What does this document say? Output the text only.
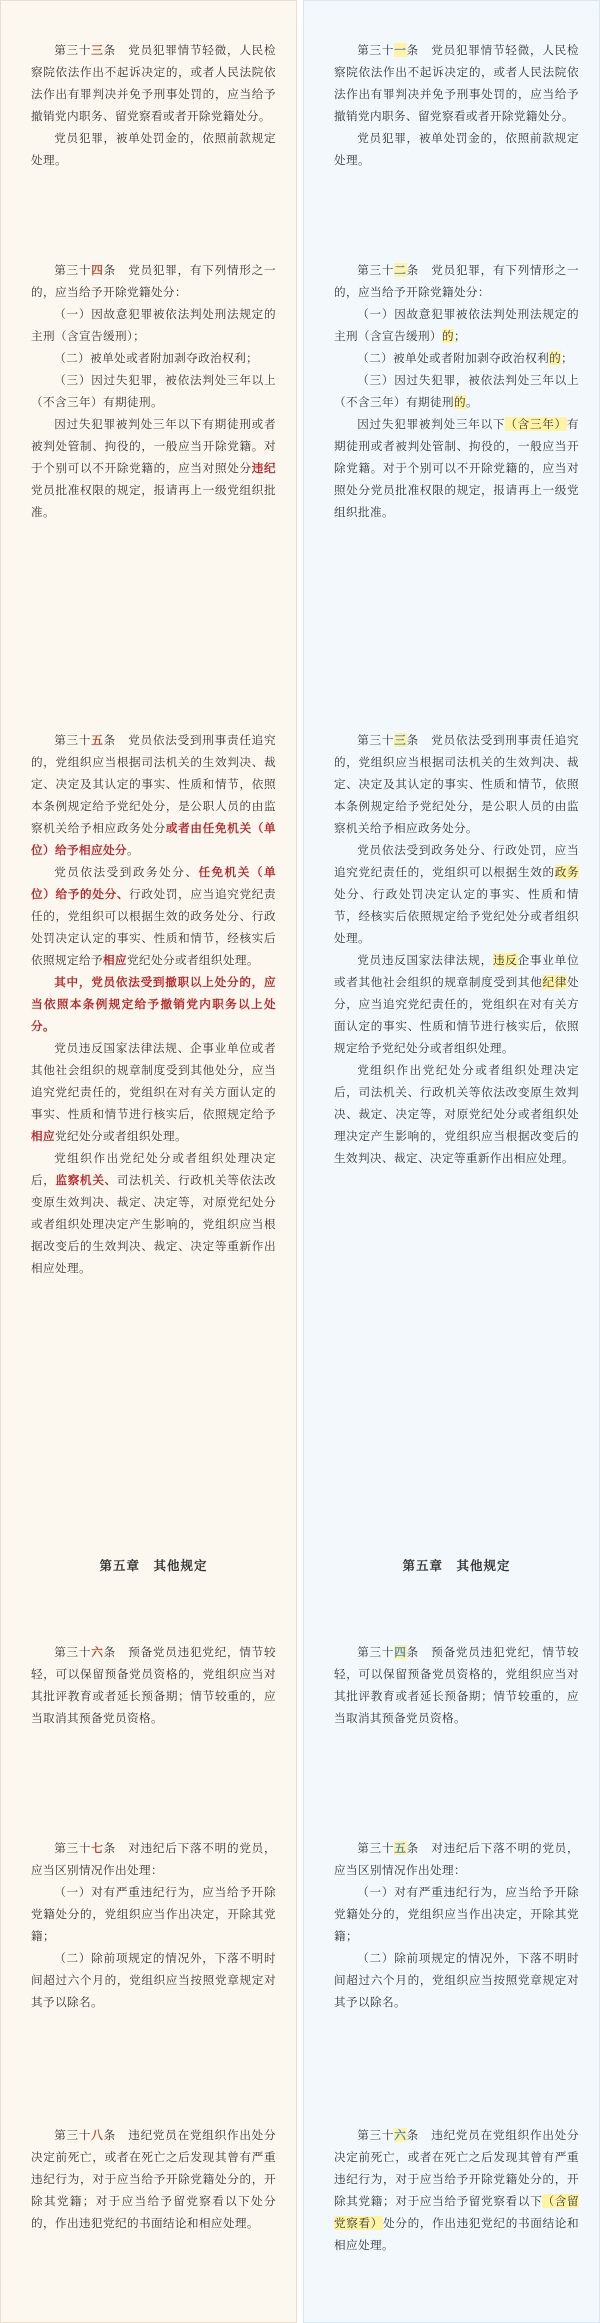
第三十三条　党员犯罪情节轻微，人民检察院依法作出不起诉决定的，或者人民法院依法作出有罪判决并免予刑事处罚的，应当给予撤销党内职务、留党察看或者开除党籍处分。

党员犯罪，被单处罚金的，依照前款规定处理。

第三十四条　党员犯罪，有下列情形之一的，应当给予开除党籍处分：

（一）因故意犯罪被依法判处刑法规定的主刑（含宣告缓刑）；

（二）被单处或者附加剥夺政治权利；

（三）因过失犯罪，被依法判处三年以上（不含三年）有期徒刑。

因过失犯罪被判处三年以下有期徒刑或者被判处管制、拘役的，一般应当开除党籍。对于个别可以不开除党籍的，应当对照处分违纪党员批准权限的规定，报请再上一级党组织批准。

第三十五条　党员依法受到刑事责任追究的，党组织应当根据司法机关的生效判决、裁定、决定及其认定的事实、性质和情节，依照本条例规定给予党纪处分，是公职人员的由监察机关给予相应政务处分或者由任免机关（单位）给予相应处分。

党员依法受到政务处分、任免机关（单位）给予的处分、行政处罚，应当追究党纪责任的，党组织可以根据生效的政务处分、行政处罚决定认定的事实、性质和情节，经核实后依照规定给予相应党纪处分或者组织处理。

其中，党员依法受到撤职以上处分的，应当依照本条例规定给予撤销党内职务以上处分。

党员违反国家法律法规、企事业单位或者其他社会组织的规章制度受到其他处分，应当追究党纪责任的，党组织在对有关方面认定的事实、性质和情节进行核实后，依照规定给予相应党纪处分或者组织处理。

党组织作出党纪处分或者组织处理决定后，监察机关、司法机关、行政机关等依法改变原生效判决、裁定、决定等，对原党纪处分或者组织处理决定产生影响的，党组织应当根据改变后的生效判决、裁定、决定等重新作出相应处理。

第五章　其他规定

第三十六条　预备党员违犯党纪，情节较轻，可以保留预备党员资格的，党组织应当对其批评教育或者延长预备期；情节较重的，应当取消其预备党员资格。

第三十七条　对违纪后下落不明的党员，应当区别情况作出处理：

（一）对有严重违纪行为，应当给予开除党籍处分的，党组织应当作出决定，开除其党籍；

（二）除前项规定的情况外，下落不明时间超过六个月的，党组织应当按照党章规定对其予以除名。

第三十八条　违纪党员在党组织作出处分决定前死亡，或者在死亡之后发现其曾有严重违纪行为，对于应当给予开除党籍处分的，开除其党籍；对于应当给予留党察看以下处分的，作出违犯党纪的书面结论和相应处理。

第三十一条　党员犯罪情节轻微，人民检察院依法作出不起诉决定的，或者人民法院依法作出有罪判决并免予刑事处罚的，应当给予撤销党内职务、留党察看或者开除党籍处分。

党员犯罪，被单处罚金的，依照前款规定处理。

第三十二条　党员犯罪，有下列情形之一的，应当给予开除党籍处分：

（一）因故意犯罪被依法判处刑法规定的主刑（含宣告缓刑）的；

（二）被单处或者附加剥夺政治权利的；

（三）因过失犯罪，被依法判处三年以上（不含三年）有期徒刑的。

因过失犯罪被判处三年以下（含三年）有期徒刑或者被判处管制、拘役的，一般应当开除党籍。对于个别可以不开除党籍的，应当对照处分党员批准权限的规定，报请再上一级党组织批准。

第三十三条　党员依法受到刑事责任追究的，党组织应当根据司法机关的生效判决、裁定、决定及其认定的事实、性质和情节，依照本条例规定给予党纪处分，是公职人员的由监察机关给予相应政务处分。

党员依法受到政务处分、行政处罚，应当追究党纪责任的，党组织可以根据生效的政务处分、行政处罚决定认定的事实、性质和情节，经核实后依照规定给予党纪处分或者组织处理。

党员违反国家法律法规，违反企事业单位或者其他社会组织的规章制度受到其他纪律处分，应当追究党纪责任的，党组织在对有关方面认定的事实、性质和情节进行核实后，依照规定给予党纪处分或者组织处理。

党组织作出党纪处分或者组织处理决定后，司法机关、行政机关等依法改变原生效判决、裁定、决定等，对原党纪处分或者组织处理决定产生影响的，党组织应当根据改变后的生效判决、裁定、决定等重新作出相应处理。

第五章　其他规定

第三十四条　预备党员违犯党纪，情节较轻，可以保留预备党员资格的，党组织应当对其批评教育或者延长预备期；情节较重的，应当取消其预备党员资格。

第三十五条　对违纪后下落不明的党员，应当区别情况作出处理：

（一）对有严重违纪行为，应当给予开除党籍处分的，党组织应当作出决定，开除其党籍；

（二）除前项规定的情况外，下落不明时间超过六个月的，党组织应当按照党章规定对其予以除名。

第三十六条　违纪党员在党组织作出处分决定前死亡，或者在死亡之后发现其曾有严重违纪行为，对于应当给予开除党籍处分的，开除其党籍；对于应当给予留党察看以下（含留党察看）处分的，作出违犯党纪的书面结论和相应处理。
